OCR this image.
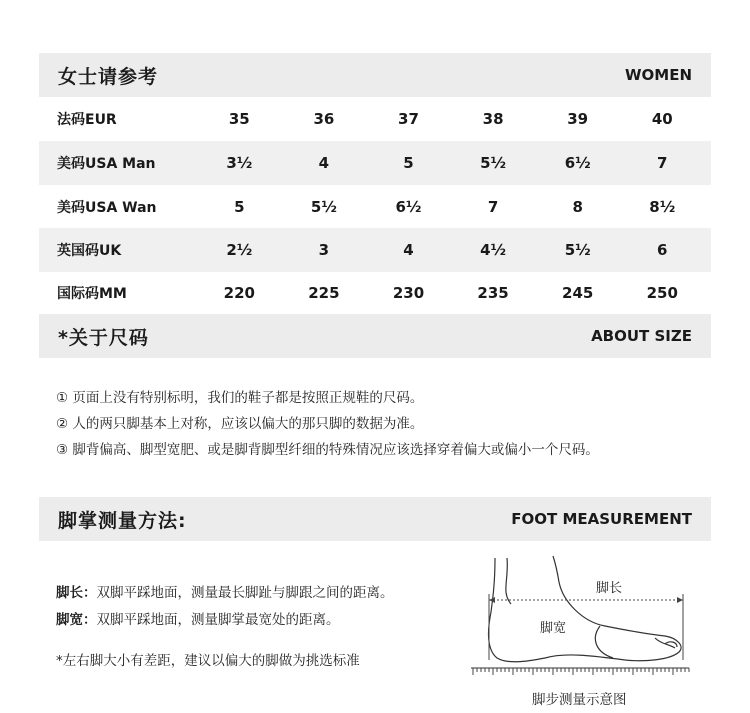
女士请参考	WOMEN
法码EUR	35	36	37	38	39	40
美码USA Man	3½	4	5	5½	6½	7
美码USA Wan	5	5½	6½	7	8	8½
英国码UK	2½	3	4	4½	5½	6
国际码MM	220	225	230	235	245	250
*关于尺码	ABOUT SIZE
① 页面上没有特别标明，我们的鞋子都是按照正规鞋的尺码。
② 人的两只脚基本上对称，应该以偏大的那只脚的数据为准。
③ 脚背偏高、脚型宽肥、或是脚背脚型纤细的特殊情况应该选择穿着偏大或偏小一个尺码。
脚掌测量方法:	FOOT MEASUREMENT
脚长：双脚平踩地面，测量最长脚趾与脚跟之间的距离。
脚宽：双脚平踩地面，测量脚掌最宽处的距离。
*左右脚大小有差距，建议以偏大的脚做为挑选标准
脚长
脚宽
脚步测量示意图
